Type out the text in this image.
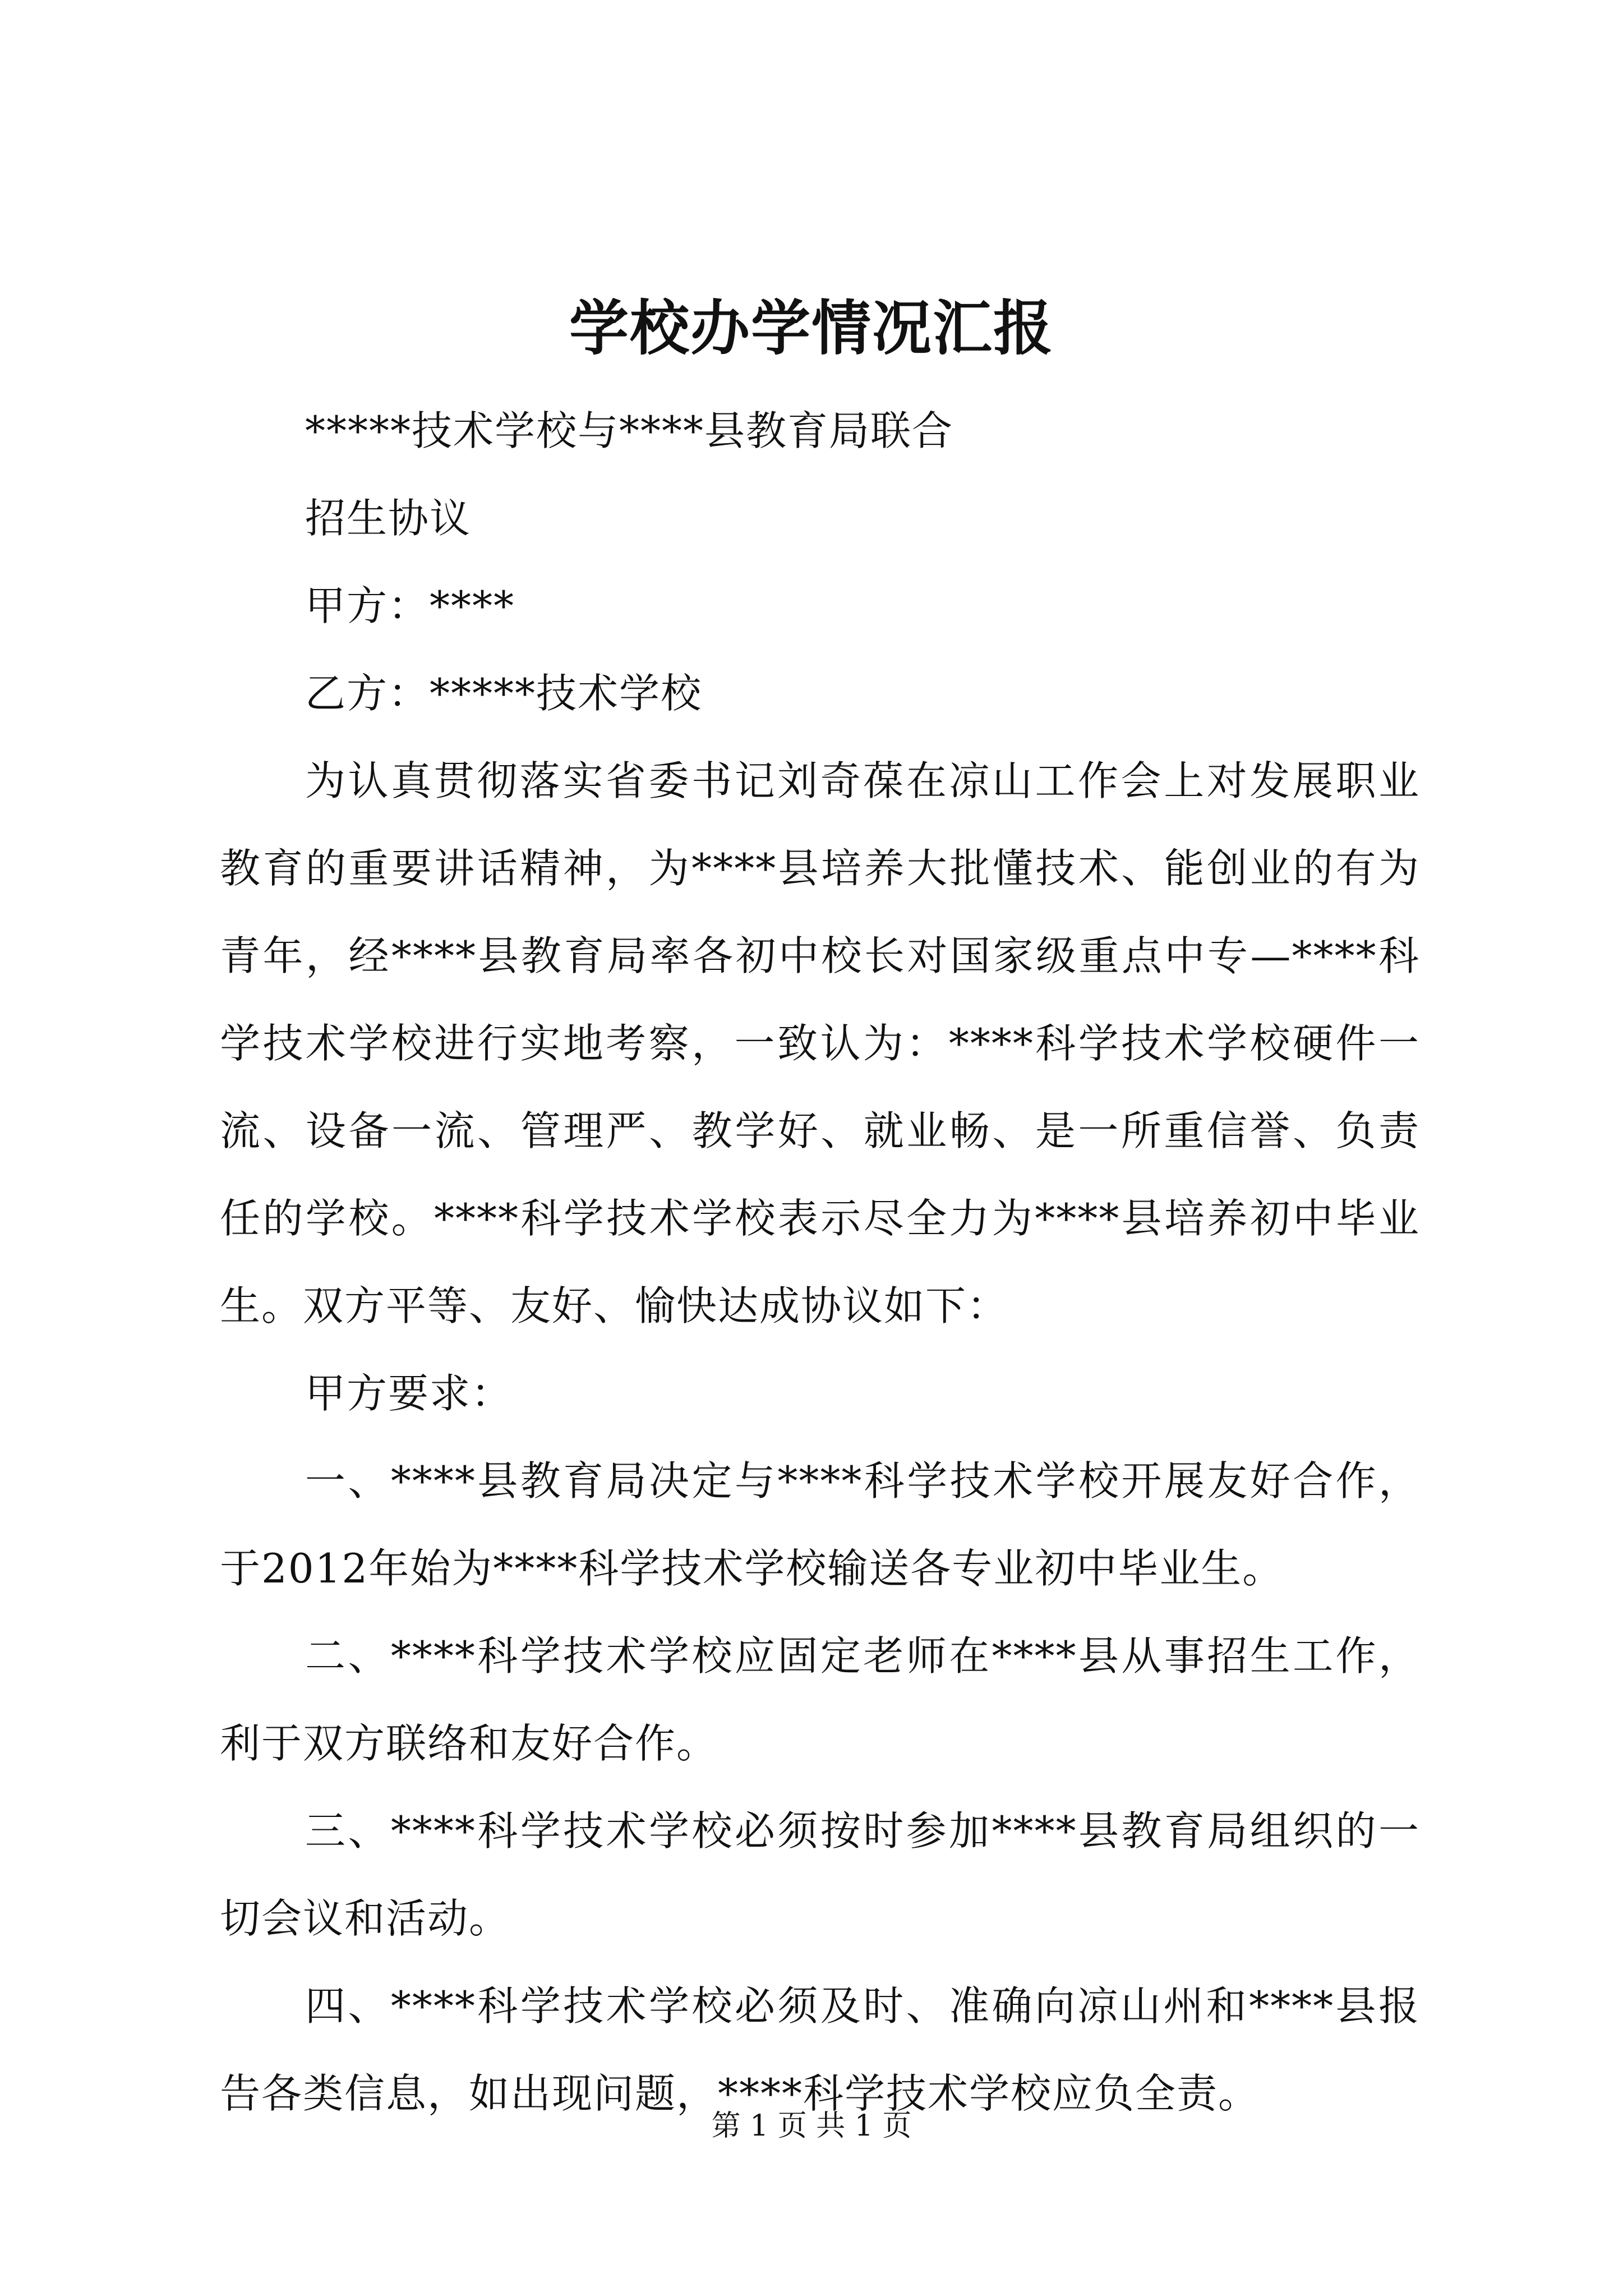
学校办学情况汇报

*****技术学校与****县教育局联合

招生协议

甲方：****

乙方：*****技术学校

为认真贯彻落实省委书记刘奇葆在凉山工作会上对发展职业教育的重要讲话精神，为****县培养大批懂技术、能创业的有为青年，经****县教育局率各初中校长对国家级重点中专—****科学技术学校进行实地考察，一致认为：****科学技术学校硬件一流、设备一流、管理严、教学好、就业畅、是一所重信誉、负责任的学校。****科学技术学校表示尽全力为****县培养初中毕业生。双方平等、友好、愉快达成协议如下：

甲方要求：

一、****县教育局决定与****科学技术学校开展友好合作，于2012年始为****科学技术学校输送各专业初中毕业生。

二、****科学技术学校应固定老师在****县从事招生工作，利于双方联络和友好合作。

三、****科学技术学校必须按时参加****县教育局组织的一切会议和活动。

四、****科学技术学校必须及时、准确向凉山州和****县报告各类信息，如出现问题，****科学技术学校应负全责。

第 1 页 共 1 页
